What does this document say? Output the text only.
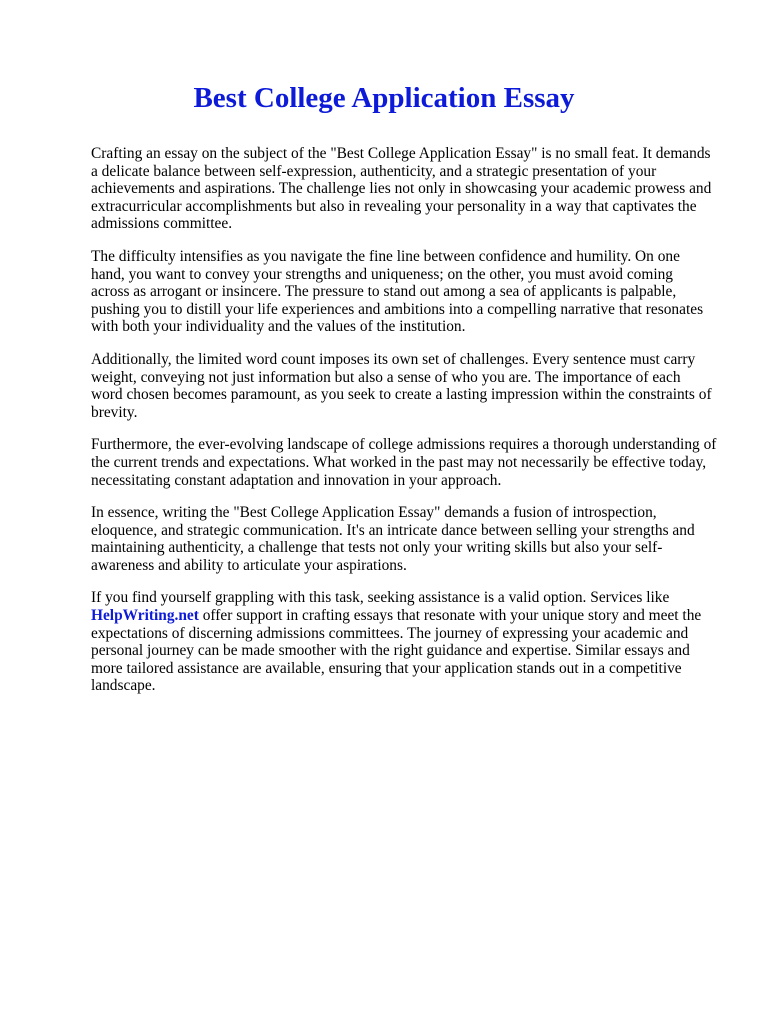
Best College Application Essay

Crafting an essay on the subject of the "Best College Application Essay" is no small feat. It demands
a delicate balance between self-expression, authenticity, and a strategic presentation of your
achievements and aspirations. The challenge lies not only in showcasing your academic prowess and
extracurricular accomplishments but also in revealing your personality in a way that captivates the
admissions committee.

The difficulty intensifies as you navigate the fine line between confidence and humility. On one
hand, you want to convey your strengths and uniqueness; on the other, you must avoid coming
across as arrogant or insincere. The pressure to stand out among a sea of applicants is palpable,
pushing you to distill your life experiences and ambitions into a compelling narrative that resonates
with both your individuality and the values of the institution.

Additionally, the limited word count imposes its own set of challenges. Every sentence must carry
weight, conveying not just information but also a sense of who you are. The importance of each
word chosen becomes paramount, as you seek to create a lasting impression within the constraints of
brevity.

Furthermore, the ever-evolving landscape of college admissions requires a thorough understanding of
the current trends and expectations. What worked in the past may not necessarily be effective today,
necessitating constant adaptation and innovation in your approach.

In essence, writing the "Best College Application Essay" demands a fusion of introspection,
eloquence, and strategic communication. It's an intricate dance between selling your strengths and
maintaining authenticity, a challenge that tests not only your writing skills but also your self-
awareness and ability to articulate your aspirations.

If you find yourself grappling with this task, seeking assistance is a valid option. Services like
HelpWriting.net offer support in crafting essays that resonate with your unique story and meet the
expectations of discerning admissions committees. The journey of expressing your academic and
personal journey can be made smoother with the right guidance and expertise. Similar essays and
more tailored assistance are available, ensuring that your application stands out in a competitive
landscape.
